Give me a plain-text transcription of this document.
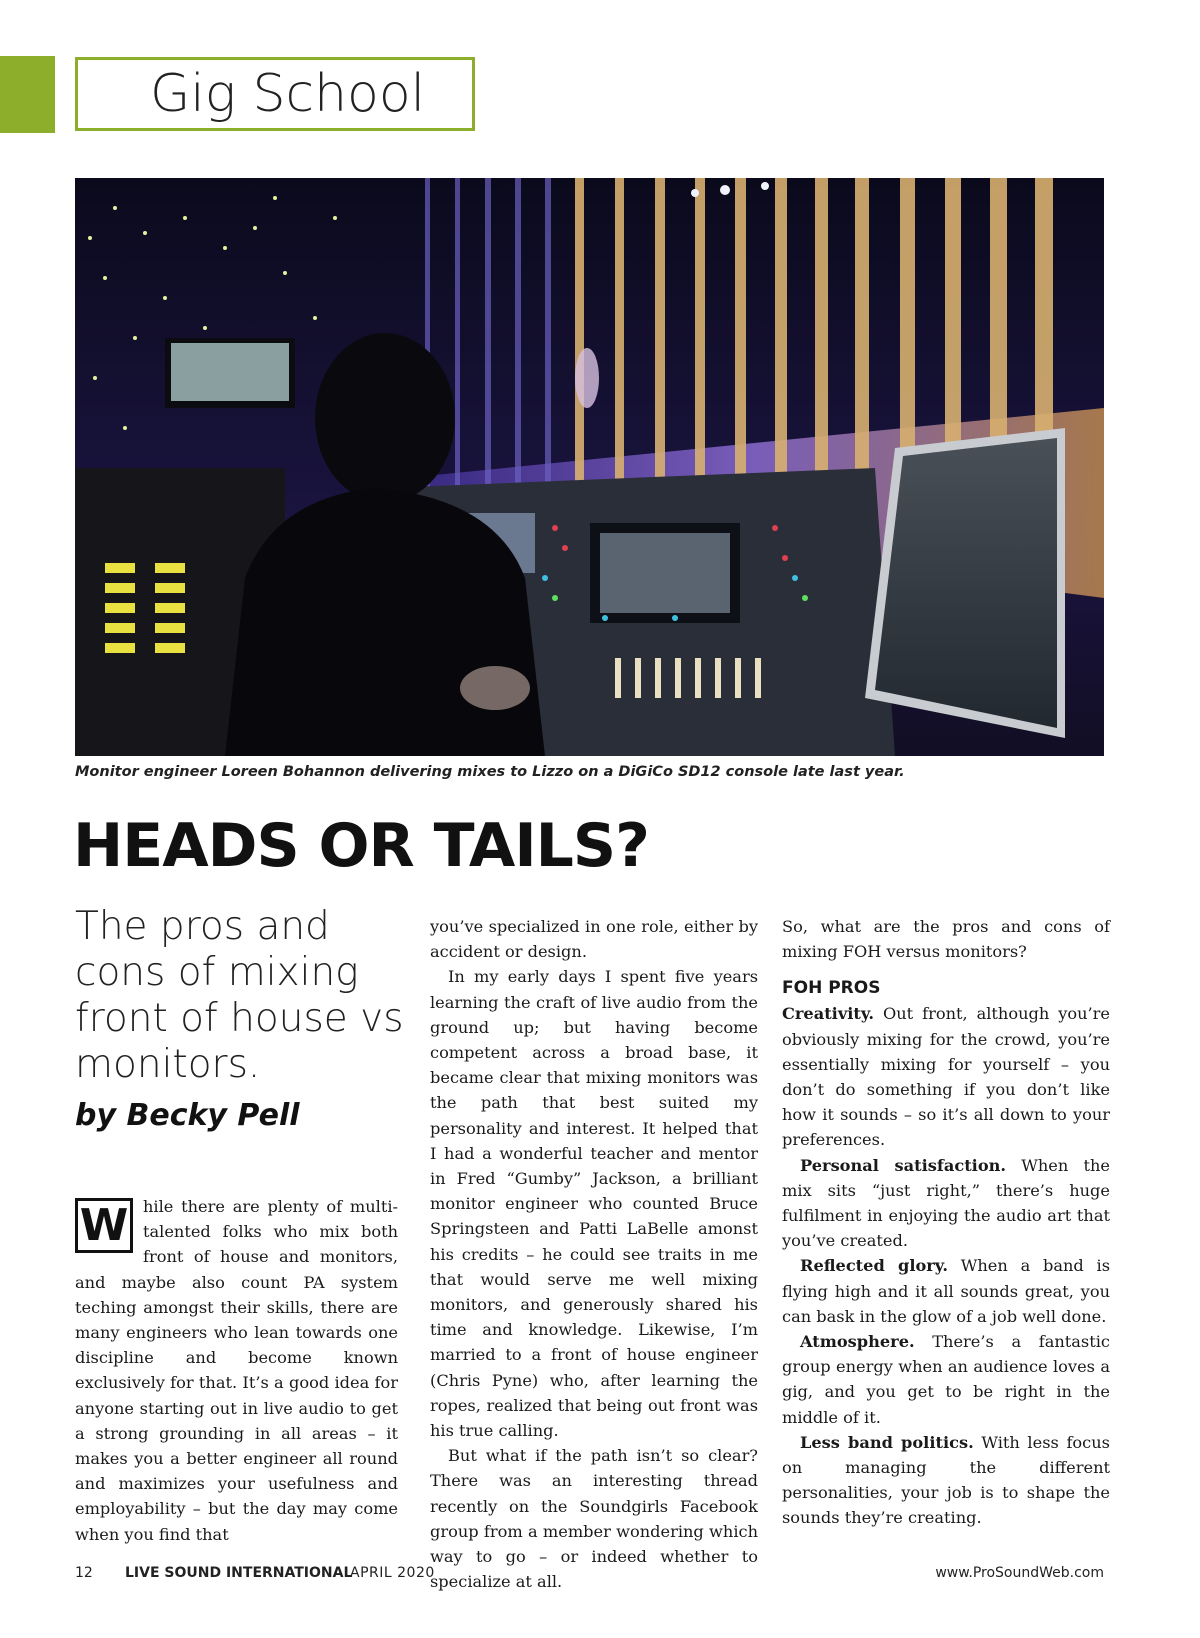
Gig School
Monitor engineer Loreen Bohannon delivering mixes to Lizzo on a DiGiCo SD12 console late last year.
HEADS OR TAILS?
The pros and cons of mixing front of house vs monitors.
by Becky Pell

W hile there are plenty of multi-talented folks who mix both front of house and monitors, and maybe also count PA system teching amongst their skills, there are many engineers who lean towards one discipline and become known exclusively for that. It’s a good idea for anyone starting out in live audio to get a strong grounding in all areas – it makes you a better engineer all round and maximizes your usefulness and employability – but the day may come when you find that

you’ve specialized in one role, either by accident or design.

In my early days I spent five years learning the craft of live audio from the ground up; but having become competent across a broad base, it became clear that mixing monitors was the path that best suited my personality and interest. It helped that I had a wonderful teacher and mentor in Fred “Gumby” Jackson, a brilliant monitor engineer who counted Bruce Springsteen and Patti LaBelle amonst his credits – he could see traits in me that would serve me well mixing monitors, and generously shared his time and knowledge. Likewise, I’m married to a front of house engineer (Chris Pyne) who, after learning the ropes, realized that being out front was his true calling.

But what if the path isn’t so clear? There was an interesting thread recently on the Soundgirls Facebook group from a member wondering which way to go – or indeed whether to specialize at all.

So, what are the pros and cons of mixing FOH versus monitors?

FOH PROS

Creativity. Out front, although you’re obviously mixing for the crowd, you’re essentially mixing for yourself – you don’t do something if you don’t like how it sounds – so it’s all down to your preferences.

Personal satisfaction. When the mix sits “just right,” there’s huge fulfilment in enjoying the audio art that you’ve created.

Reflected glory. When a band is flying high and it all sounds great, you can bask in the glow of a job well done.

Atmosphere. There’s a fantastic group energy when an audience loves a gig, and you get to be right in the middle of it.

Less band politics. With less focus on managing the different personalities, your job is to shape the sounds they’re creating.

12 LIVE SOUND INTERNATIONAL
APRIL 2020	www.ProSoundWeb.com
